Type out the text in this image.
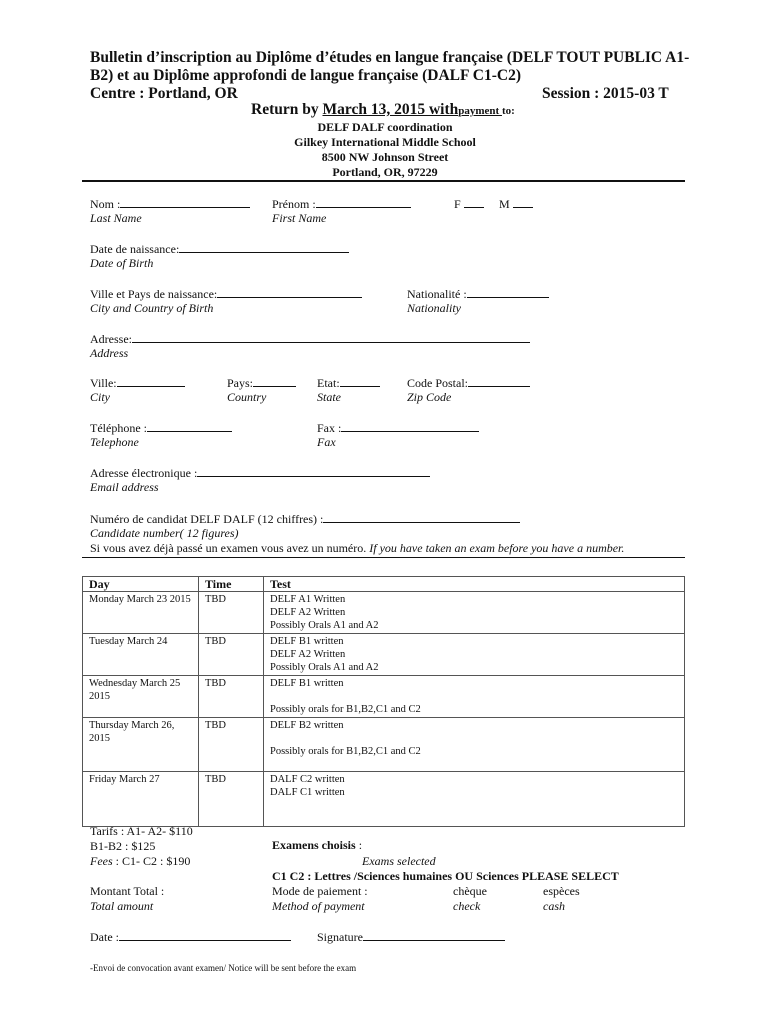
Bulletin d’inscription au Diplôme d’études en langue française (DELF TOUT PUBLIC A1-
B2) et au Diplôme approfondi de langue française (DALF C1-C2)
Centre : Portland, OR	Session : 2015-03 T
Return by March 13, 2015 withpayment to:
DELF DALF coordination
Gilkey International Middle School
8500 NW Johnson Street
Portland, OR, 97229
Nom :
Last Name
Prénom :
First Name
F	M
Date de naissance:
Date of Birth
Ville et Pays de naissance:
City and Country of Birth
Nationalité :
Nationality
Adresse:
Address
Ville:
City
Pays:
Country
Etat:
State
Code Postal:
Zip Code
Téléphone :
Telephone
Fax :
Fax
Adresse électronique :
Email address
Numéro de candidat DELF DALF (12 chiffres) :
Candidate number( 12 figures)
Si vous avez déjà passé un examen vous avez un numéro. If you have taken an exam before you have a number.
Day	Time	Test
Monday March 23 2015	TBD	DELF A1 Written
DELF A2 Written
Possibly Orals A1 and A2

Tuesday March 24	TBD	DELF B1 written
DELF A2 Written
Possibly Orals A1 and A2

Wednesday March 25 2015	TBD	DELF B1 written
Possibly orals for B1,B2,C1 and C2

Thursday March 26, 2015	TBD	DELF B2 written
Possibly orals for B1,B2,C1 and C2

Friday March 27	TBD	DALF C2 written
DALF C1 written
Tarifs : A1- A2- $110
B1-B2 : $125
Fees : C1- C2 : $190
Examens choisis :
Exams selected
C1 C2 : Lettres /Sciences humaines OU Sciences PLEASE SELECT
Montant Total :
Total amount
Mode de paiement :
Method of payment
chèque
check
espèces
cash
Date :	Signature
-Envoi de convocation avant examen/ Notice will be sent before the exam
